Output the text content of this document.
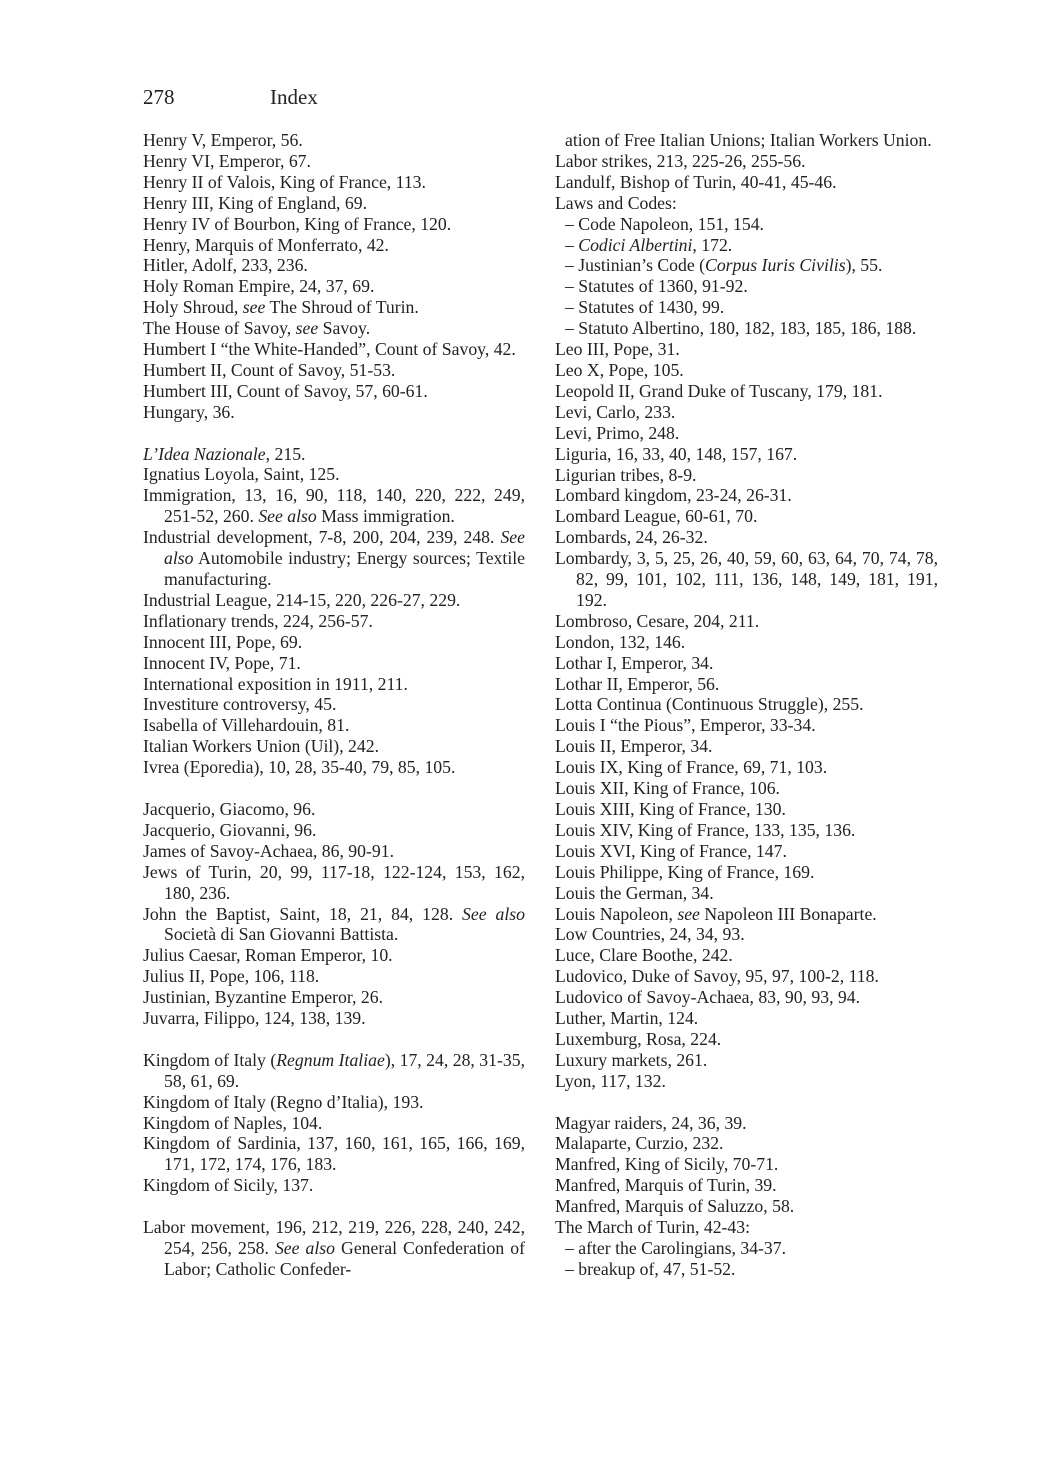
278	Index
Henry V, Emperor, 56.
Henry VI, Emperor, 67.
Henry II of Valois, King of France, 113.
Henry III, King of England, 69.
Henry IV of Bourbon, King of France, 120.
Henry, Marquis of Monferrato, 42.
Hitler, Adolf, 233, 236.
Holy Roman Empire, 24, 37, 69.
Holy Shroud, see The Shroud of Turin.
The House of Savoy, see Savoy.
Humbert I “the White-Handed”, Count of Savoy, 42.
Humbert II, Count of Savoy, 51-53.
Humbert III, Count of Savoy, 57, 60-61.
Hungary, 36.
L’Idea Nazionale, 215.
Ignatius Loyola, Saint, 125.
Immigration, 13, 16, 90, 118, 140, 220, 222, 249, 251-52, 260. See also Mass immigration.
Industrial development, 7-8, 200, 204, 239, 248. See also Automobile industry; Energy sources; Textile manufacturing.
Industrial League, 214-15, 220, 226-27, 229.
Inflationary trends, 224, 256-57.
Innocent III, Pope, 69.
Innocent IV, Pope, 71.
International exposition in 1911, 211.
Investiture controversy, 45.
Isabella of Villehardouin, 81.
Italian Workers Union (Uil), 242.
Ivrea (Eporedia), 10, 28, 35-40, 79, 85, 105.
Jacquerio, Giacomo, 96.
Jacquerio, Giovanni, 96.
James of Savoy-Achaea, 86, 90-91.
Jews of Turin, 20, 99, 117-18, 122-124, 153, 162, 180, 236.
John the Baptist, Saint, 18, 21, 84, 128. See also Società di San Giovanni Battista.
Julius Caesar, Roman Emperor, 10.
Julius II, Pope, 106, 118.
Justinian, Byzantine Emperor, 26.
Juvarra, Filippo, 124, 138, 139.
Kingdom of Italy (Regnum Italiae), 17, 24, 28, 31-35, 58, 61, 69.
Kingdom of Italy (Regno d’Italia), 193.
Kingdom of Naples, 104.
Kingdom of Sardinia, 137, 160, 161, 165, 166, 169, 171, 172, 174, 176, 183.
Kingdom of Sicily, 137.
Labor movement, 196, 212, 219, 226, 228, 240, 242, 254, 256, 258. See also General Confederation of Labor; Catholic Confeder-
ation of Free Italian Unions; Italian Workers Union.
Labor strikes, 213, 225-26, 255-56.
Landulf, Bishop of Turin, 40-41, 45-46.
Laws and Codes:
– Code Napoleon, 151, 154.
– Codici Albertini, 172.
– Justinian’s Code (Corpus Iuris Civilis), 55.
– Statutes of 1360, 91-92.
– Statutes of 1430, 99.
– Statuto Albertino, 180, 182, 183, 185, 186, 188.
Leo III, Pope, 31.
Leo X, Pope, 105.
Leopold II, Grand Duke of Tuscany, 179, 181.
Levi, Carlo, 233.
Levi, Primo, 248.
Liguria, 16, 33, 40, 148, 157, 167.
Ligurian tribes, 8-9.
Lombard kingdom, 23-24, 26-31.
Lombard League, 60-61, 70.
Lombards, 24, 26-32.
Lombardy, 3, 5, 25, 26, 40, 59, 60, 63, 64, 70, 74, 78, 82, 99, 101, 102, 111, 136, 148, 149, 181, 191, 192.
Lombroso, Cesare, 204, 211.
London, 132, 146.
Lothar I, Emperor, 34.
Lothar II, Emperor, 56.
Lotta Continua (Continuous Struggle), 255.
Louis I “the Pious”, Emperor, 33-34.
Louis II, Emperor, 34.
Louis IX, King of France, 69, 71, 103.
Louis XII, King of France, 106.
Louis XIII, King of France, 130.
Louis XIV, King of France, 133, 135, 136.
Louis XVI, King of France, 147.
Louis Philippe, King of France, 169.
Louis the German, 34.
Louis Napoleon, see Napoleon III Bonaparte.
Low Countries, 24, 34, 93.
Luce, Clare Boothe, 242.
Ludovico, Duke of Savoy, 95, 97, 100-2, 118.
Ludovico of Savoy-Achaea, 83, 90, 93, 94.
Luther, Martin, 124.
Luxemburg, Rosa, 224.
Luxury markets, 261.
Lyon, 117, 132.
Magyar raiders, 24, 36, 39.
Malaparte, Curzio, 232.
Manfred, King of Sicily, 70-71.
Manfred, Marquis of Turin, 39.
Manfred, Marquis of Saluzzo, 58.
The March of Turin, 42-43:
– after the Carolingians, 34-37.
– breakup of, 47, 51-52.
